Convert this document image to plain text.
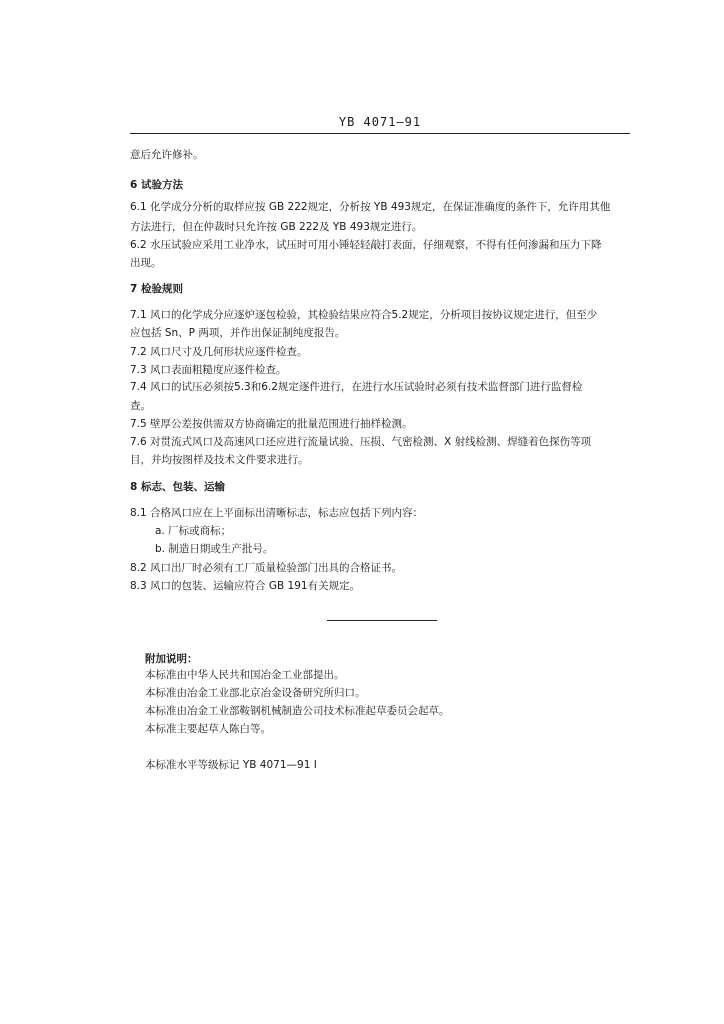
YB 4071—91
意后允许修补。
6 试验方法
6.1 化学成分分析的取样应按 GB 222规定，分析按 YB 493规定，在保证准确度的条件下，允许用其他
方法进行，但在仲裁时只允许按 GB 222及 YB 493规定进行。
6.2 水压试验应采用工业净水，试压时可用小锤轻轻敲打表面，仔细观察，不得有任何渗漏和压力下降
出现。
7 检验规则
7.1 风口的化学成分应逐炉逐包检验，其检验结果应符合5.2规定，分析项目按协议规定进行，但至少
应包括 Sn、P 两项，并作出保证制纯度报告。
7.2 风口尺寸及几何形状应逐件检查。
7.3 风口表面粗糙度应逐件检查。
7.4 风口的试压必须按5.3和6.2规定逐件进行，在进行水压试验时必须有技术监督部门进行监督检
查。
7.5 壁厚公差按供需双方协商确定的批量范围进行抽样检测。
7.6 对贯流式风口及高速风口还应进行流量试验、压损、气密检测、X 射线检测、焊缝着色探伤等项
目，并均按图样及技术文件要求进行。
8 标志、包装、运输
8.1 合格风口应在上平面标出清晰标志，标志应包括下列内容：
a. 厂标或商标；
b. 制造日期或生产批号。
8.2 风口出厂时必须有工厂质量检验部门出具的合格证书。
8.3 风口的包装、运输应符合 GB 191有关规定。
附加说明：
本标准由中华人民共和国冶金工业部提出。
本标准由冶金工业部北京冶金设备研究所归口。
本标准由冶金工业部鞍钢机械制造公司技术标准起草委员会起草。
本标准主要起草人陈白等。
本标准水平等级标记 YB 4071—91 I
